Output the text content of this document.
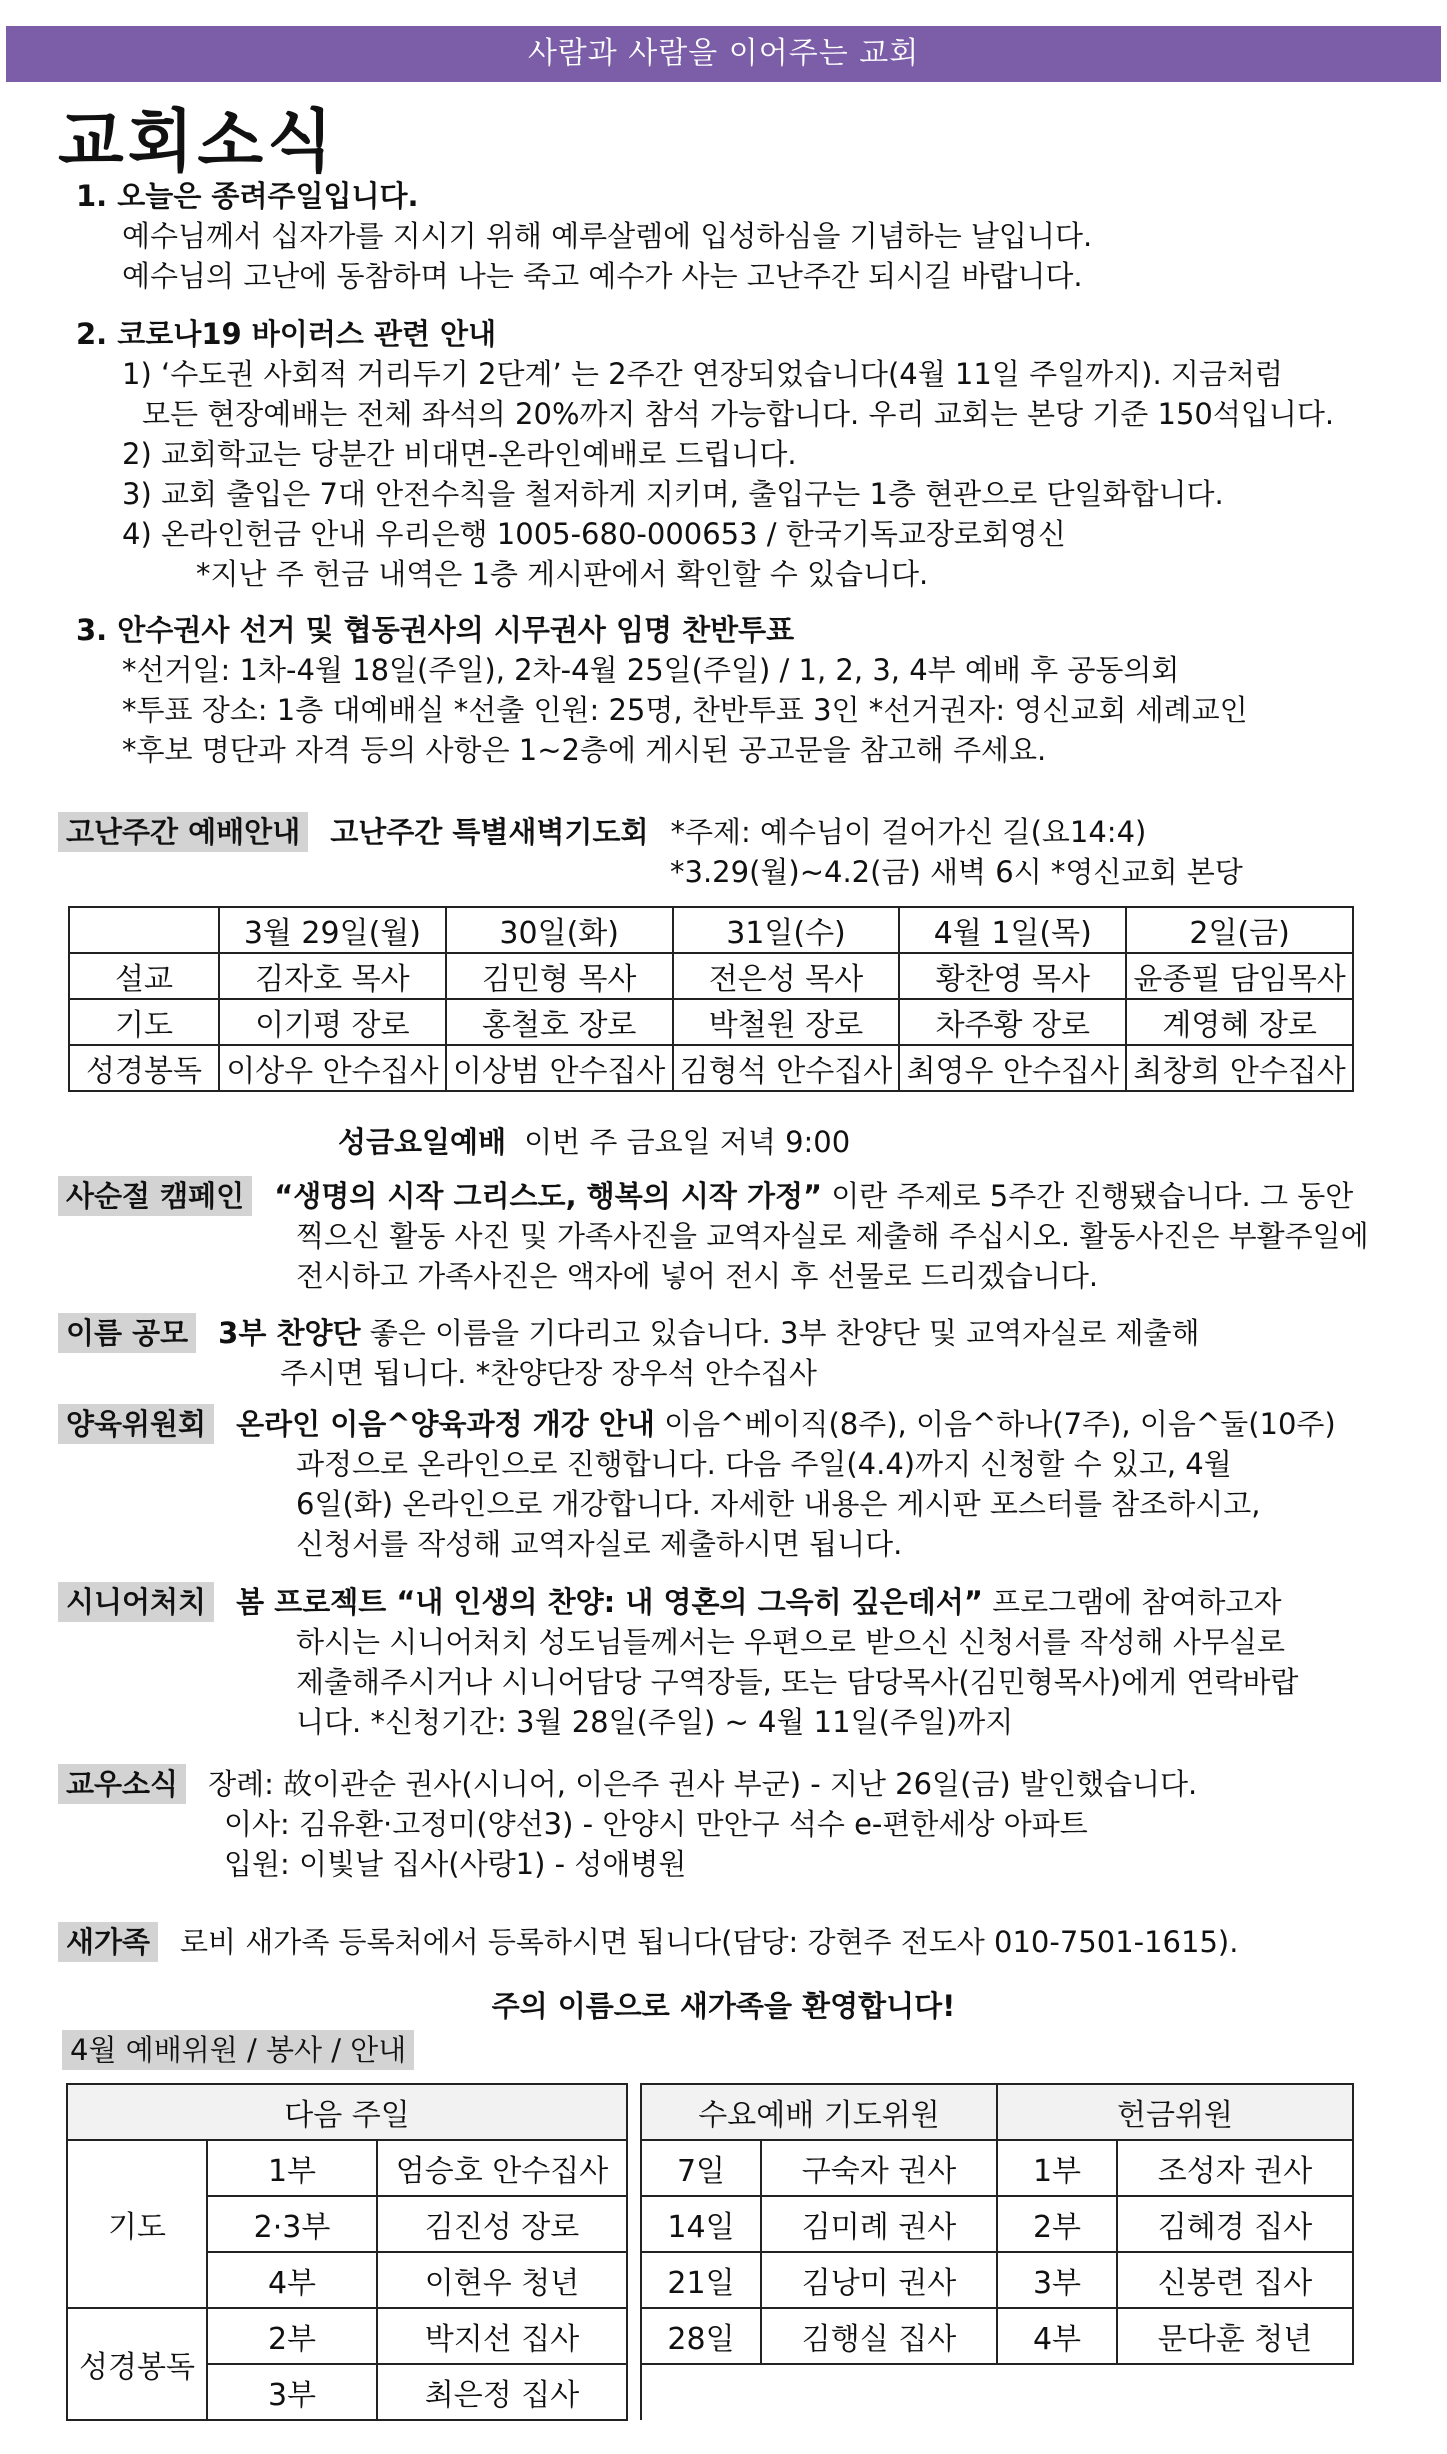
사람과 사람을 이어주는 교회
교회소식
1. 오늘은 종려주일입니다.
예수님께서 십자가를 지시기 위해 예루살렘에 입성하심을 기념하는 날입니다.
예수님의 고난에 동참하며 나는 죽고 예수가 사는 고난주간 되시길 바랍니다.
2. 코로나19 바이러스 관련 안내
1) ‘수도권 사회적 거리두기 2단계’ 는 2주간 연장되었습니다(4월 11일 주일까지). 지금처럼
모든 현장예배는 전체 좌석의 20%까지 참석 가능합니다. 우리 교회는 본당 기준 150석입니다.
2) 교회학교는 당분간 비대면-온라인예배로 드립니다.
3) 교회 출입은 7대 안전수칙을 철저하게 지키며, 출입구는 1층 현관으로 단일화합니다.
4) 온라인헌금 안내 우리은행 1005-680-000653 / 한국기독교장로회영신
*지난 주 헌금 내역은 1층 게시판에서 확인할 수 있습니다.
3. 안수권사 선거 및 협동권사의 시무권사 임명 찬반투표
*선거일: 1차-4월 18일(주일), 2차-4월 25일(주일) / 1, 2, 3, 4부 예배 후 공동의회
*투표 장소: 1층 대예배실 *선출 인원: 25명, 찬반투표 3인 *선거권자: 영신교회 세례교인
*후보 명단과 자격 등의 사항은 1~2층에 게시된 공고문을 참고해 주세요.
고난주간 예배안내 고난주간 특별새벽기도회 *주제: 예수님이 걸어가신 길(요14:4)
*3.29(월)~4.2(금) 새벽 6시 *영신교회 본당
	3월 29일(월)	30일(화)	31일(수)	4월 1일(목)	2일(금)
설교	김자호 목사	김민형 목사	전은성 목사	황찬영 목사	윤종필 담임목사
기도	이기평 장로	홍철호 장로	박철원 장로	차주황 장로	계영혜 장로
성경봉독	이상우 안수집사	이상범 안수집사	김형석 안수집사	최영우 안수집사	최창희 안수집사
성금요일예배 이번 주 금요일 저녁 9:00
사순절 캠페인 “생명의 시작 그리스도, 행복의 시작 가정” 이란 주제로 5주간 진행됐습니다. 그 동안
찍으신 활동 사진 및 가족사진을 교역자실로 제출해 주십시오. 활동사진은 부활주일에
전시하고 가족사진은 액자에 넣어 전시 후 선물로 드리겠습니다.
이름 공모 3부 찬양단 좋은 이름을 기다리고 있습니다. 3부 찬양단 및 교역자실로 제출해
주시면 됩니다. *찬양단장 장우석 안수집사
양육위원회 온라인 이음^양육과정 개강 안내 이음^베이직(8주), 이음^하나(7주), 이음^둘(10주)
과정으로 온라인으로 진행합니다. 다음 주일(4.4)까지 신청할 수 있고, 4월
6일(화) 온라인으로 개강합니다. 자세한 내용은 게시판 포스터를 참조하시고,
신청서를 작성해 교역자실로 제출하시면 됩니다.
시니어처치 봄 프로젝트 “내 인생의 찬양: 내 영혼의 그윽히 깊은데서” 프로그램에 참여하고자
하시는 시니어처치 성도님들께서는 우편으로 받으신 신청서를 작성해 사무실로
제출해주시거나 시니어담당 구역장들, 또는 담당목사(김민형목사)에게 연락바랍
니다. *신청기간: 3월 28일(주일) ~ 4월 11일(주일)까지
교우소식 장례: 故이관순 권사(시니어, 이은주 권사 부군) - 지난 26일(금) 발인했습니다.
이사: 김유환·고정미(양선3) - 안양시 만안구 석수 e-편한세상 아파트
입원: 이빛날 집사(사랑1) - 성애병원
새가족 로비 새가족 등록처에서 등록하시면 됩니다(담당: 강현주 전도사 010-7501-1615).
주의 이름으로 새가족을 환영합니다!
4월 예배위원 / 봉사 / 안내
다음 주일				수요예배 기도위원		헌금위원	
기도	1부	엄승호 안수집사		7일	구숙자 권사	1부	조성자 권사
	2·3부	김진성 장로		14일	김미례 권사	2부	김혜경 집사
	4부	이현우 청년		21일	김낭미 권사	3부	신봉련 집사
성경봉독	2부	박지선 집사		28일	김행실 집사	4부	문다훈 청년
	3부	최은정 집사					
